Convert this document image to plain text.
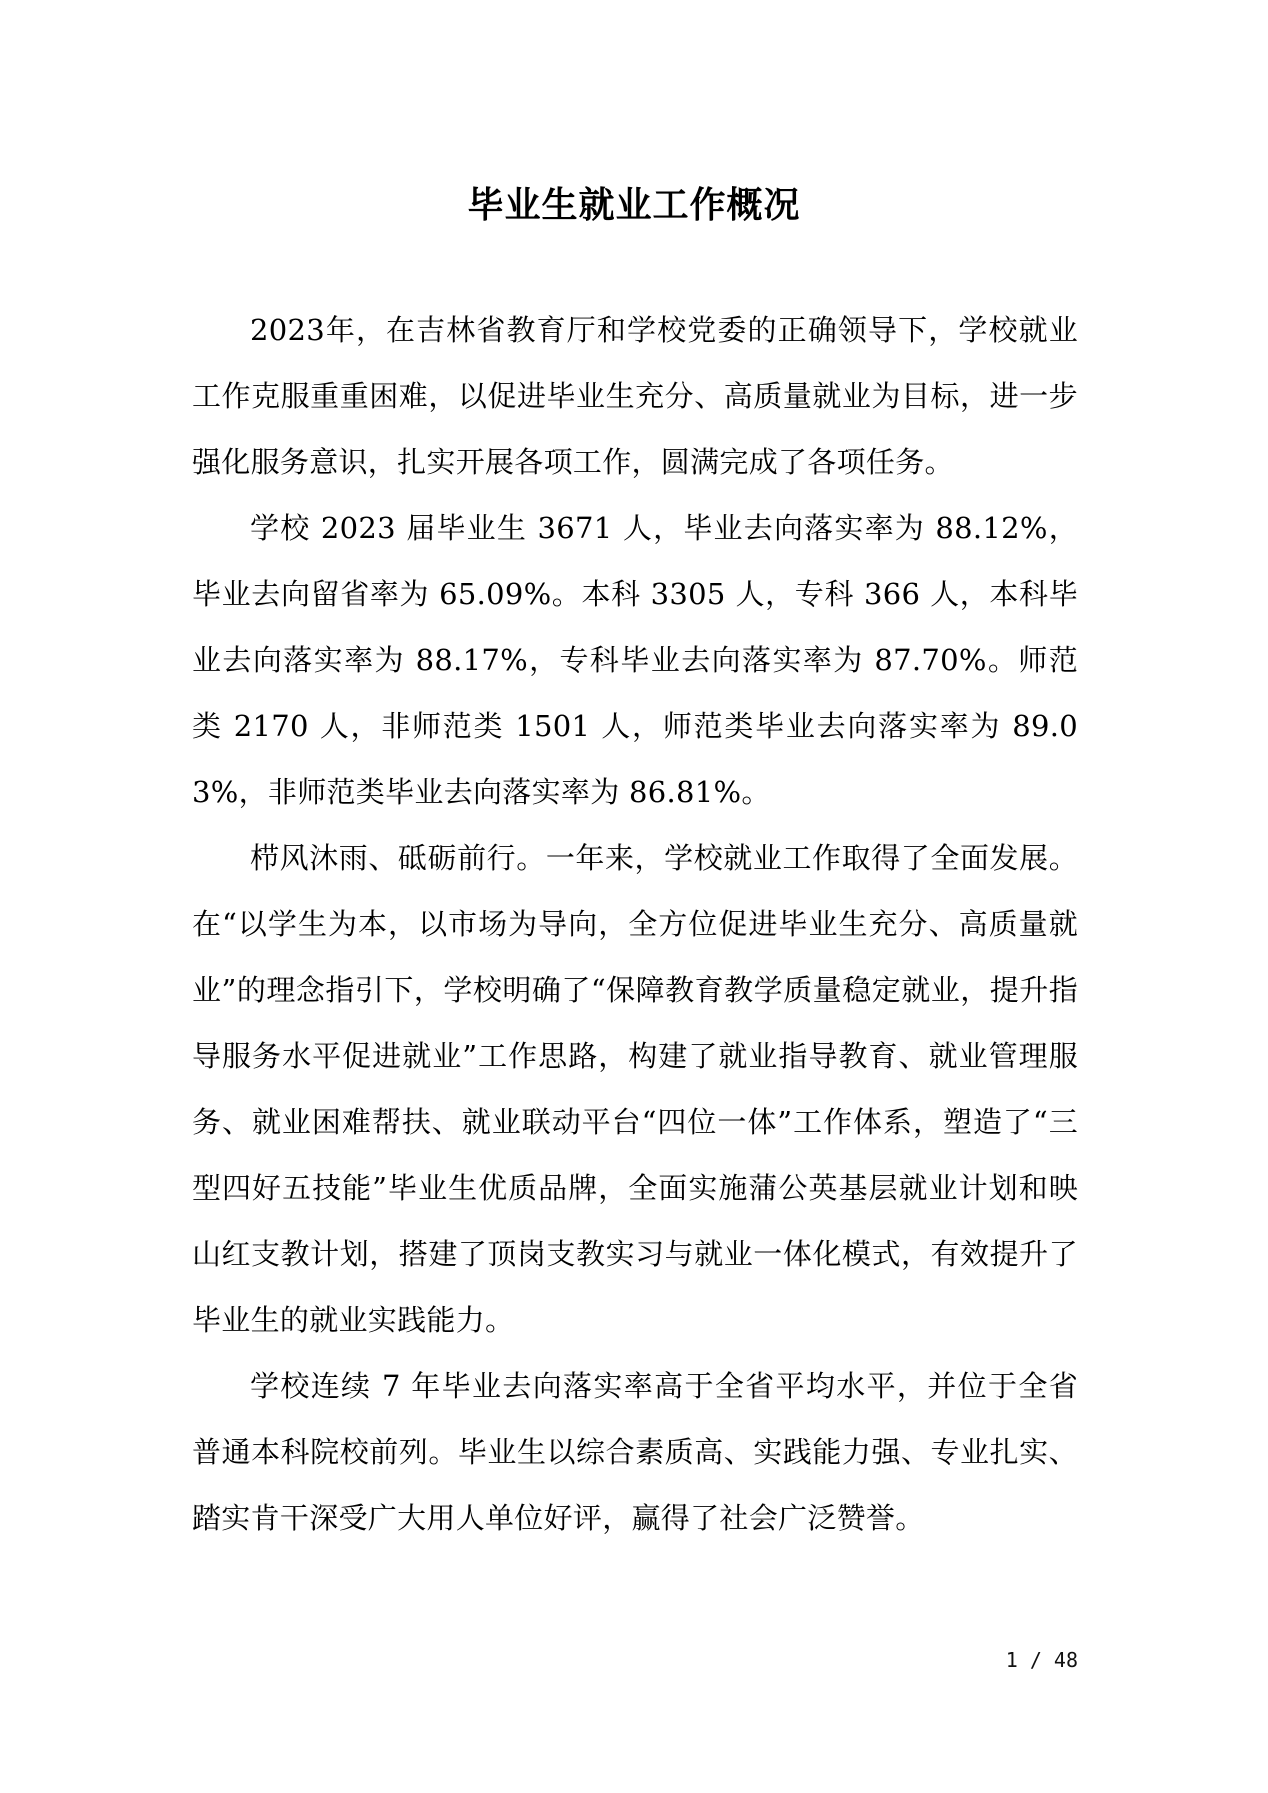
毕业生就业工作概况

2023年，在吉林省教育厅和学校党委的正确领导下，学校就业工作克服重重困难，以促进毕业生充分、高质量就业为目标，进一步强化服务意识，扎实开展各项工作，圆满完成了各项任务。

学校 2023 届毕业生 3671 人，毕业去向落实率为 88.12%，毕业去向留省率为 65.09%。本科 3305 人，专科 366 人，本科毕业去向落实率为 88.17%，专科毕业去向落实率为 87.70%。师范类 2170 人，非师范类 1501 人，师范类毕业去向落实率为 89.03%，非师范类毕业去向落实率为 86.81%。

栉风沐雨、砥砺前行。一年来，学校就业工作取得了全面发展。在“以学生为本，以市场为导向，全方位促进毕业生充分、高质量就业”的理念指引下，学校明确了“保障教育教学质量稳定就业，提升指导服务水平促进就业”工作思路，构建了就业指导教育、就业管理服务、就业困难帮扶、就业联动平台“四位一体”工作体系，塑造了“三型四好五技能”毕业生优质品牌，全面实施蒲公英基层就业计划和映山红支教计划，搭建了顶岗支教实习与就业一体化模式，有效提升了毕业生的就业实践能力。

学校连续 7 年毕业去向落实率高于全省平均水平，并位于全省普通本科院校前列。毕业生以综合素质高、实践能力强、专业扎实、踏实肯干深受广大用人单位好评，赢得了社会广泛赞誉。

1 / 48
